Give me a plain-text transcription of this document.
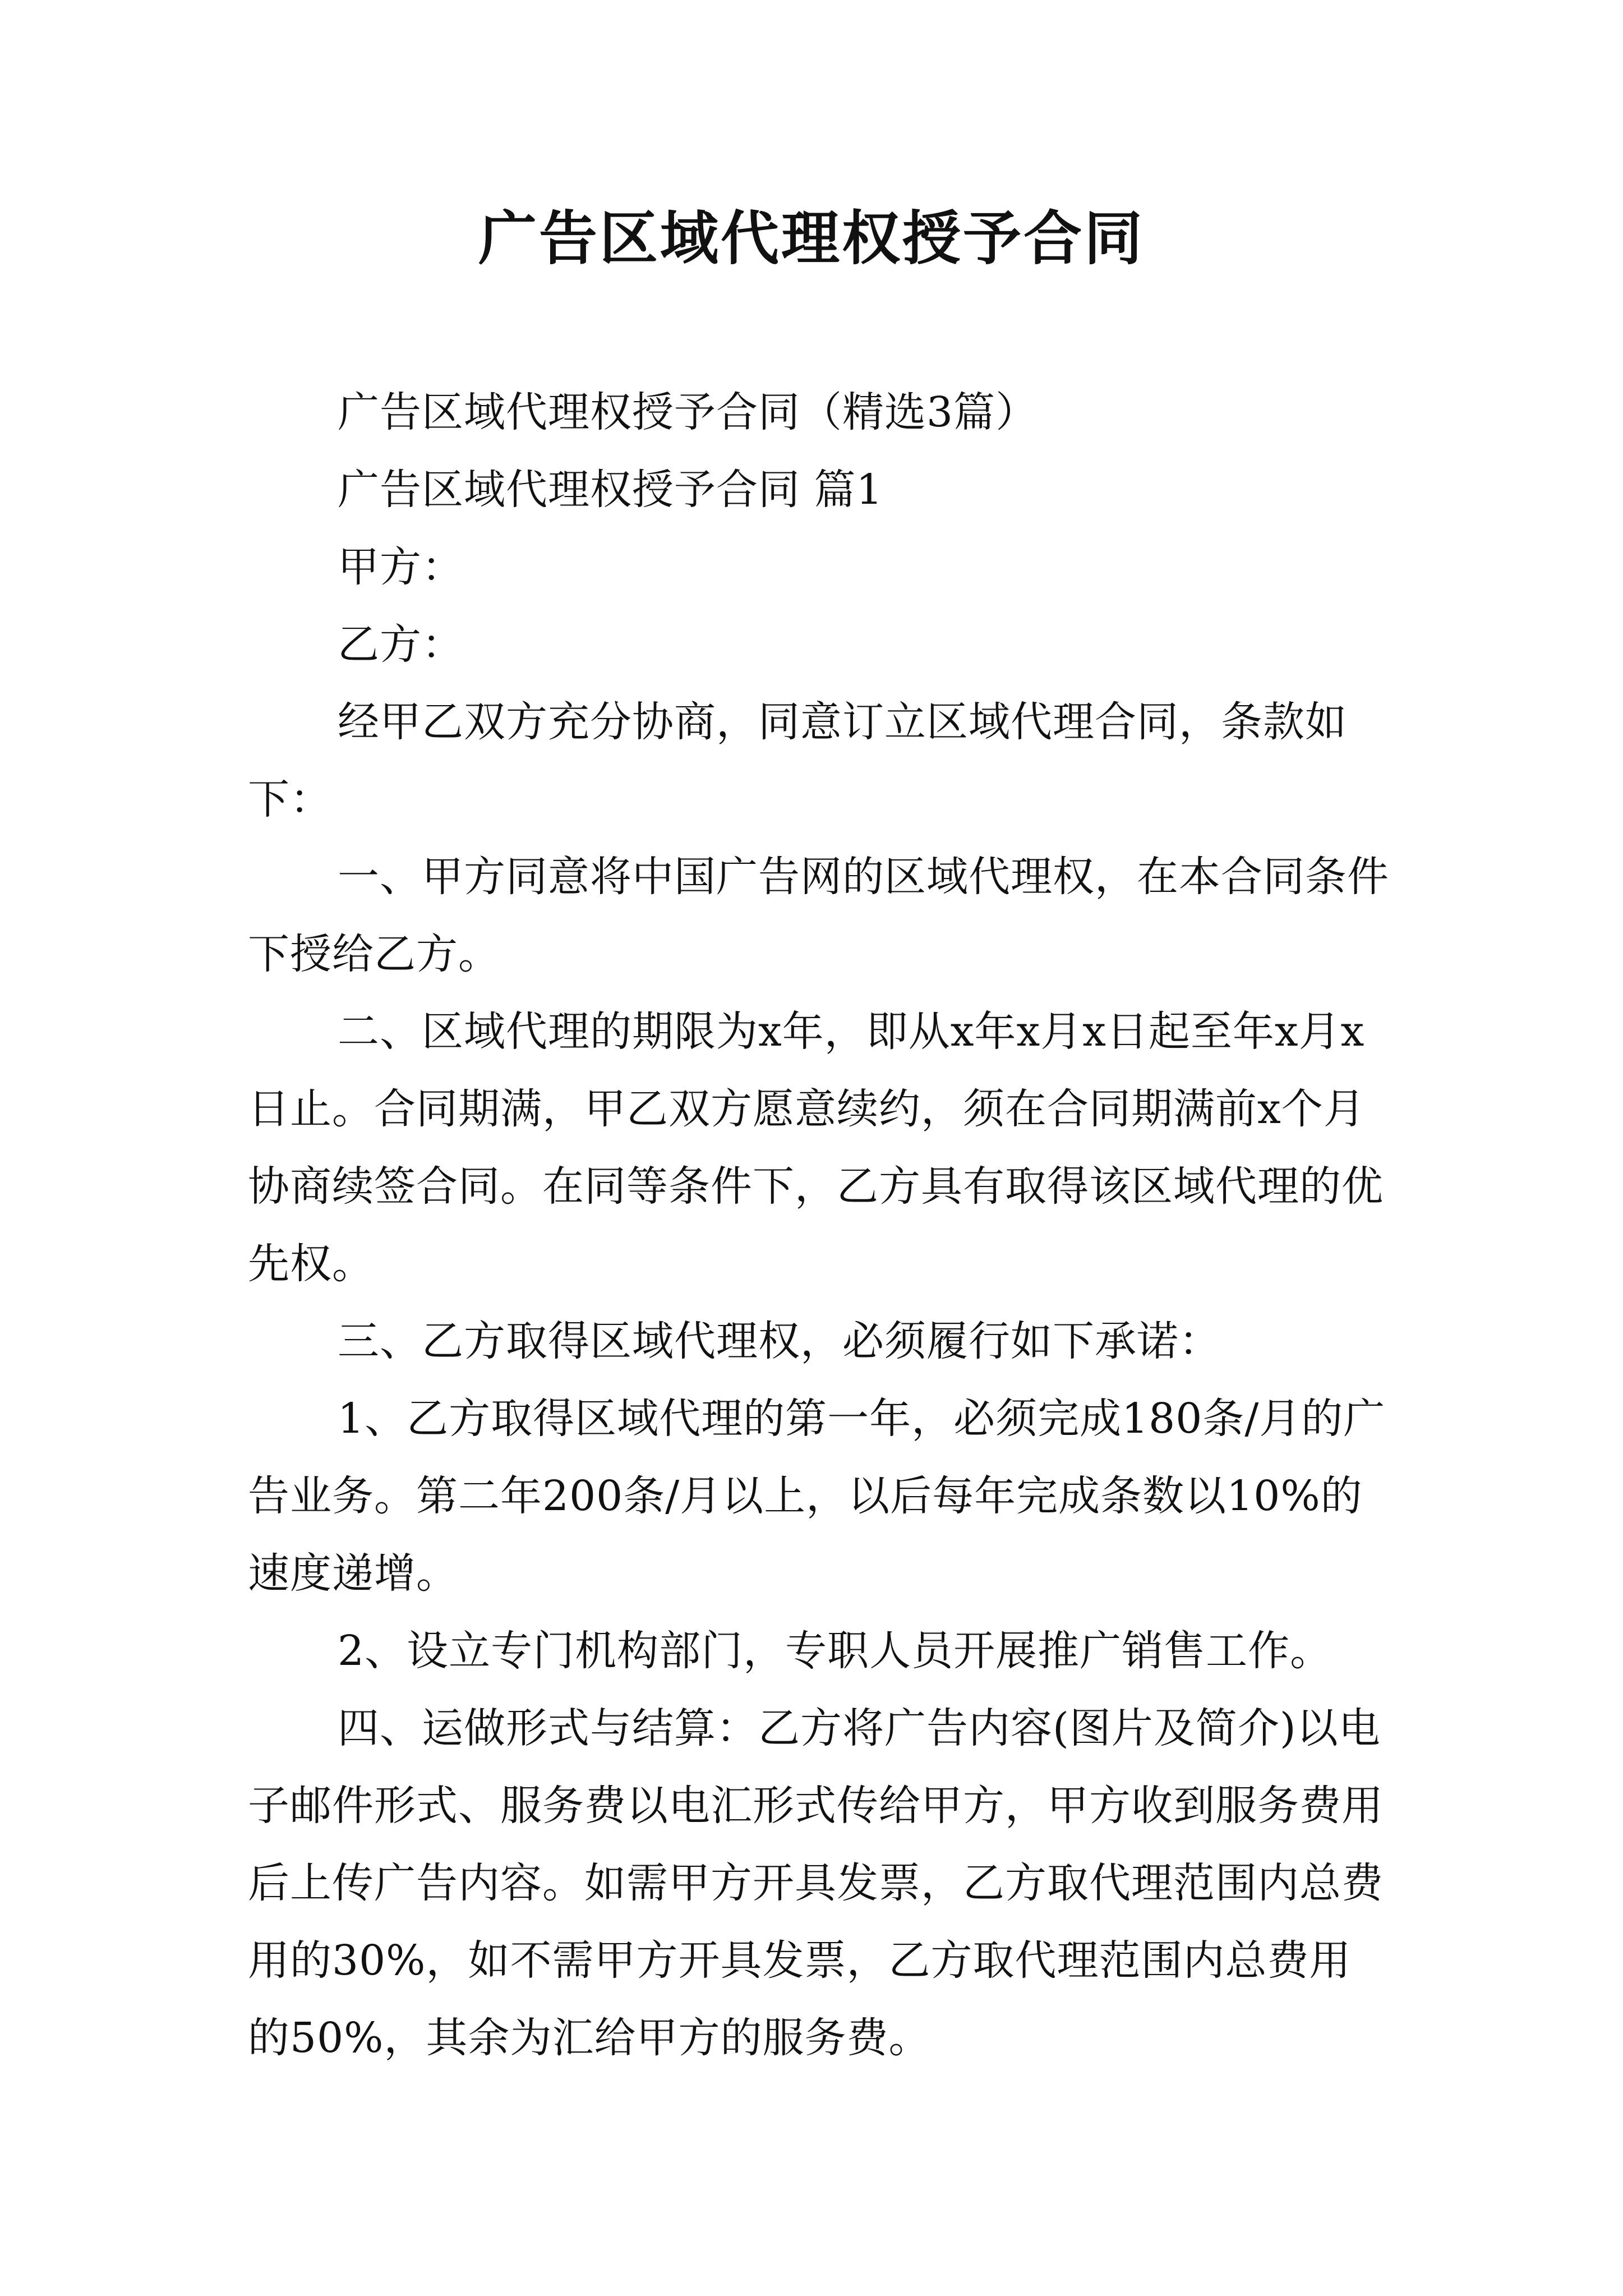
广告区域代理权授予合同

广告区域代理权授予合同（精选3篇）

广告区域代理权授予合同 篇1

甲方：

乙方：

经甲乙双方充分协商，同意订立区域代理合同，条款如下：

一、甲方同意将中国广告网的区域代理权，在本合同条件下授给乙方。

二、区域代理的期限为x年，即从x年x月x日起至年x月x日止。合同期满，甲乙双方愿意续约，须在合同期满前x个月协商续签合同。在同等条件下，乙方具有取得该区域代理的优先权。

三、乙方取得区域代理权，必须履行如下承诺：

1、乙方取得区域代理的第一年，必须完成180条/月的广告业务。第二年200条/月以上，以后每年完成条数以10%的速度递增。

2、设立专门机构部门，专职人员开展推广销售工作。

四、运做形式与结算：乙方将广告内容(图片及简介)以电子邮件形式、服务费以电汇形式传给甲方，甲方收到服务费用后上传广告内容。如需甲方开具发票，乙方取代理范围内总费用的30%，如不需甲方开具发票，乙方取代理范围内总费用的50%，其余为汇给甲方的服务费。
